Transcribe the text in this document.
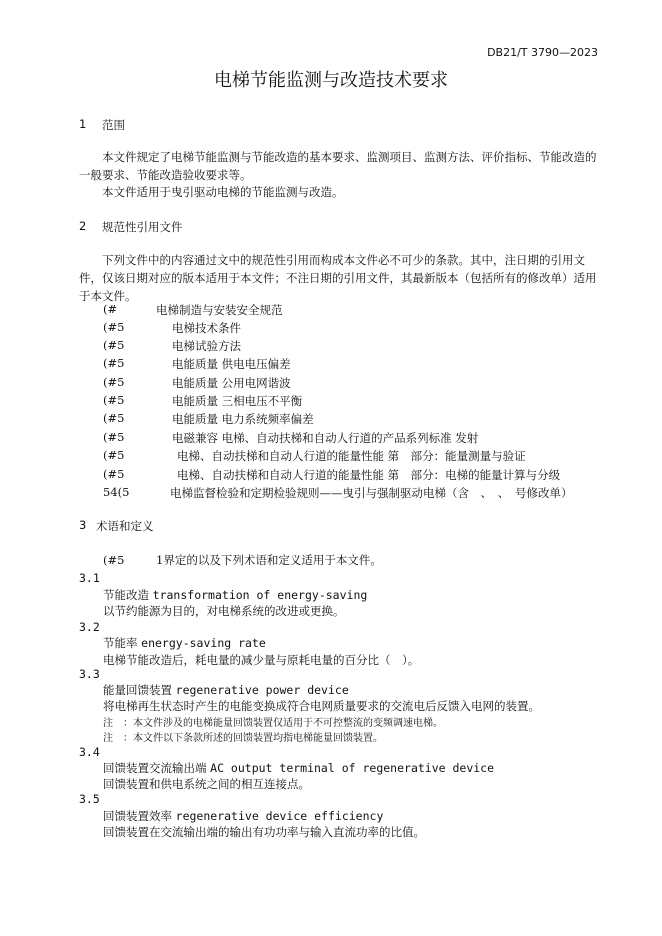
DB21/T 3790—2023
电梯节能监测与改造技术要求
1 范围
本文件规定了电梯节能监测与节能改造的基本要求、监测项目、监测方法、评价指标、节能改造的一般要求、节能改造验收要求等。
本文件适用于曳引驱动电梯的节能监测与改造。
2 规范性引用文件
下列文件中的内容通过文中的规范性引用而构成本文件必不可少的条款。其中，注日期的引用文件，仅该日期对应的版本适用于本文件；不注日期的引用文件，其最新版本（包括所有的修改单）适用于本文件。
(#	电梯制造与安装安全规范
(#5	电梯技术条件
(#5	电梯试验方法
(#5	电能质量 供电电压偏差
(#5	电能质量 公用电网谐波
(#5	电能质量 三相电压不平衡
(#5	电能质量 电力系统频率偏差
(#5	电磁兼容 电梯、自动扶梯和自动人行道的产品系列标准 发射
(#5	电梯、自动扶梯和自动人行道的能量性能 第　部分：能量测量与验证
(#5	电梯、自动扶梯和自动人行道的能量性能 第　部分：电梯的能量计算与分级
54(5	电梯监督检验和定期检验规则——曳引与强制驱动电梯（含　、　、　号修改单）
3 术语和定义
(#5	1界定的以及下列术语和定义适用于本文件。
3.1
节能改造 transformation of energy-saving
以节约能源为目的，对电梯系统的改进或更换。
3.2
节能率 energy-saving rate
电梯节能改造后，耗电量的减少量与原耗电量的百分比（　）。
3.3
能量回馈装置 regenerative power device
将电梯再生状态时产生的电能变换成符合电网质量要求的交流电后反馈入电网的装置。
注　：本文件涉及的电梯能量回馈装置仅适用于不可控整流的变频调速电梯。
注　：本文件以下条款所述的回馈装置均指电梯能量回馈装置。
3.4
回馈装置交流输出端 AC output terminal of regenerative device
回馈装置和供电系统之间的相互连接点。
3.5
回馈装置效率 regenerative device efficiency
回馈装置在交流输出端的输出有功功率与输入直流功率的比值。
